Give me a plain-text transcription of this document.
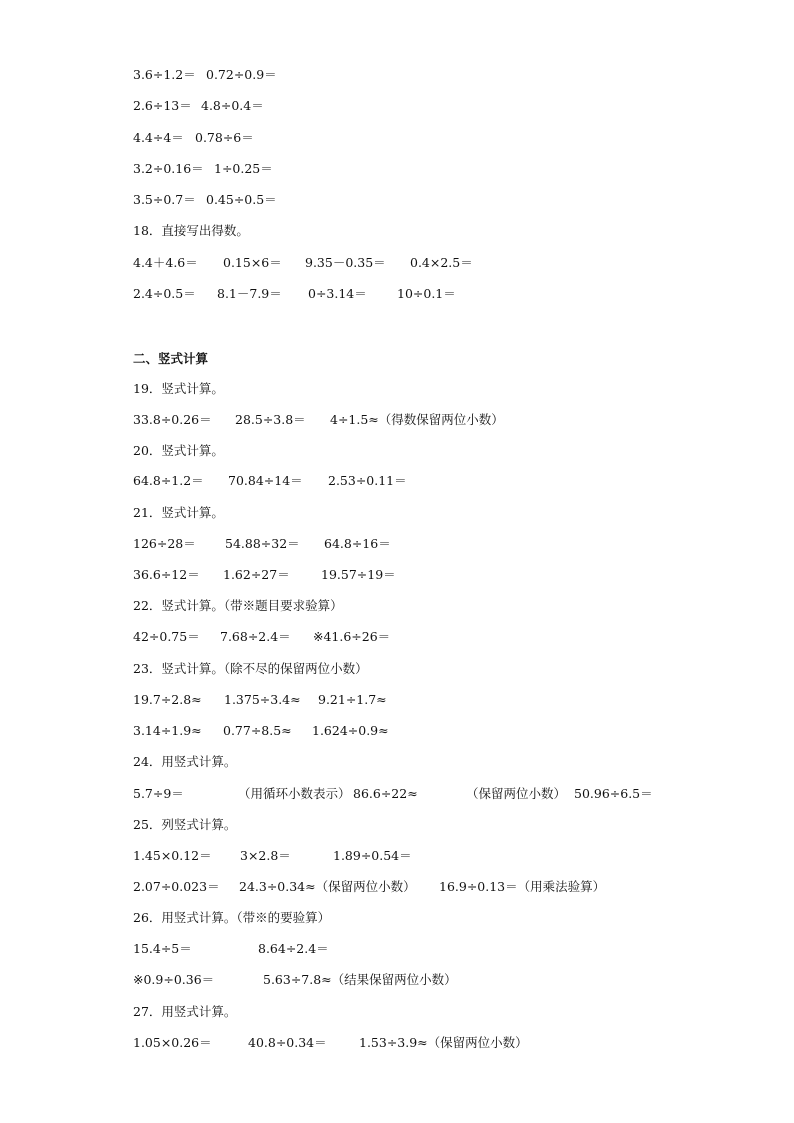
3.6÷1.2＝ 0.72÷0.9＝
2.6÷13＝ 4.8÷0.4＝
4.4÷4＝ 0.78÷6＝
3.2÷0.16＝ 1÷0.25＝
3.5÷0.7＝ 0.45÷0.5＝
18．直接写出得数。
4.4＋4.6＝ 0.15×6＝ 9.35－0.35＝ 0.4×2.5＝
2.4÷0.5＝ 8.1－7.9＝ 0÷3.14＝ 10÷0.1＝
二、竖式计算
19．竖式计算。
33.8÷0.26＝ 28.5÷3.8＝ 4÷1.5≈（得数保留两位小数）
20．竖式计算。
64.8÷1.2＝ 70.84÷14＝ 2.53÷0.11＝
21．竖式计算。
126÷28＝ 54.88÷32＝ 64.8÷16＝
36.6÷12＝ 1.62÷27＝	19.57÷19＝
22．竖式计算。（带※题目要求验算）
42÷0.75＝ 7.68÷2.4＝ ※41.6÷26＝
23．竖式计算。（除不尽的保留两位小数）
19.7÷2.8≈ 1.375÷3.4≈ 9.21÷1.7≈
3.14÷1.9≈ 0.77÷8.5≈ 1.624÷0.9≈
24．用竖式计算。
5.7÷9＝	（用循环小数表示） 86.6÷22≈	（保留两位小数） 50.96÷6.5＝
25．列竖式计算。
1.45×0.12＝ 3×2.8＝	1.89÷0.54＝
2.07÷0.023＝ 24.3÷0.34≈（保留两位小数） 16.9÷0.13＝（用乘法验算）
26．用竖式计算。（带※的要验算）
15.4÷5＝	8.64÷2.4＝
※0.9÷0.36＝	5.63÷7.8≈（结果保留两位小数）
27．用竖式计算。
1.05×0.26＝	40.8÷0.34＝	1.53÷3.9≈（保留两位小数）
